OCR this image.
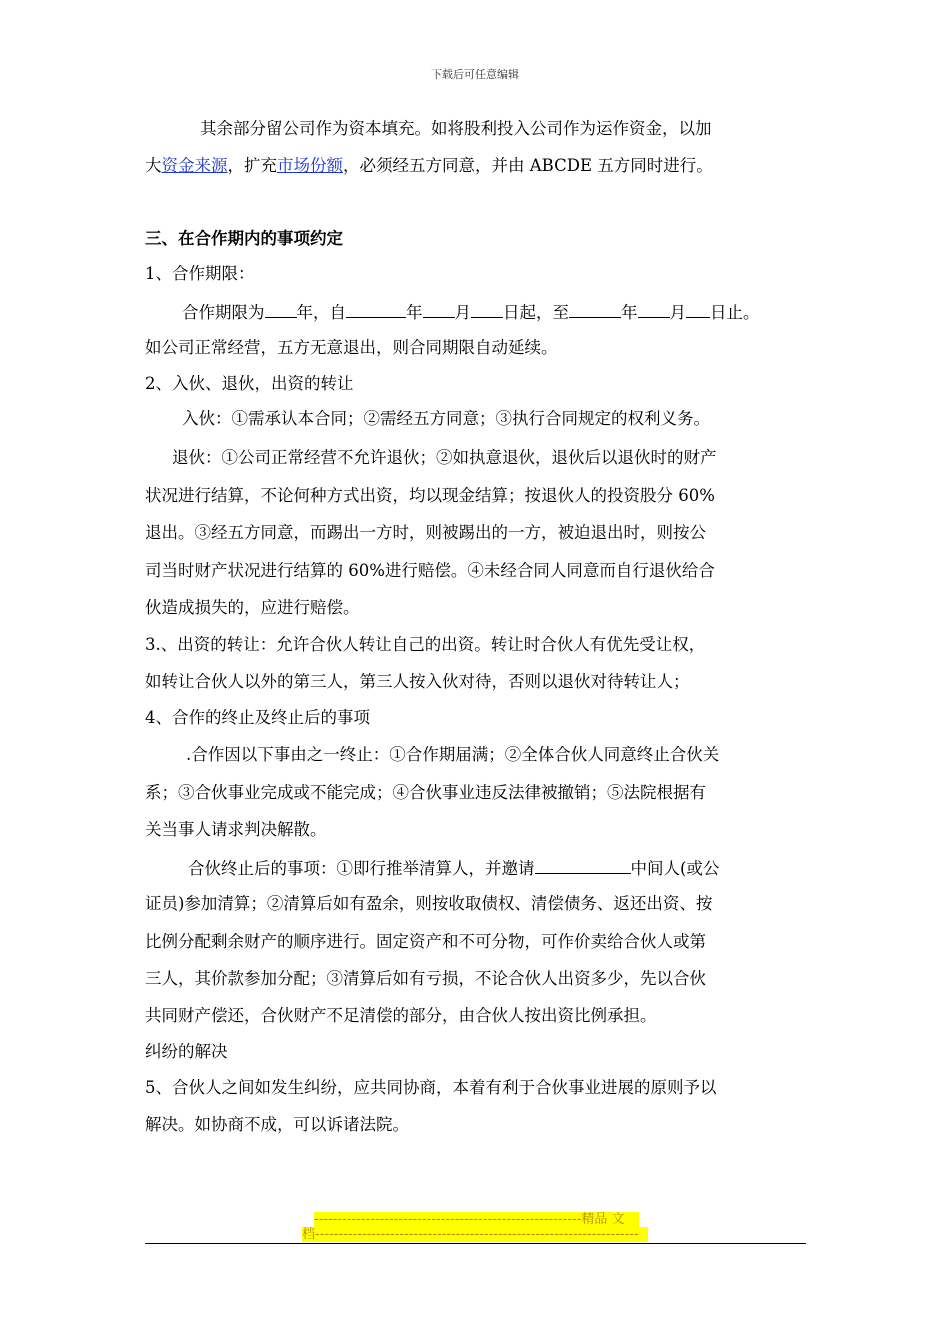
下载后可任意编辑
其余部分留公司作为资本填充。如将股利投入公司作为运作资金，以加
大资金来源，扩充市场份额，必须经五方同意，并由 ABCDE 五方同时进行。
三、在合作期内的事项约定
1、合作期限：
合作期限为 年，自	年 月 日起，至	年 月 日止。
如公司正常经营，五方无意退出，则合同期限自动延续。
2、入伙、退伙，出资的转让
入伙：①需承认本合同；②需经五方同意；③执行合同规定的权利义务。
退伙：①公司正常经营不允许退伙；②如执意退伙，退伙后以退伙时的财产
状况进行结算，不论何种方式出资，均以现金结算；按退伙人的投资股分 60%
退出。③经五方同意，而踢出一方时，则被踢出的一方，被迫退出时，则按公
司当时财产状况进行结算的 60%进行赔偿。④未经合同人同意而自行退伙给合
伙造成损失的，应进行赔偿。
3.、出资的转让：允许合伙人转让自己的出资。转让时合伙人有优先受让权，
如转让合伙人以外的第三人，第三人按入伙对待，否则以退伙对待转让人；
4、合作的终止及终止后的事项
.合作因以下事由之一终止：①合作期届满；②全体合伙人同意终止合伙关
系；③合伙事业完成或不能完成；④合伙事业违反法律被撤销；⑤法院根据有
关当事人请求判决解散。
合伙终止后的事项：①即行推举清算人，并邀请	中间人(或公
证员)参加清算；②清算后如有盈余，则按收取债权、清偿债务、返还出资、按
比例分配剩余财产的顺序进行。固定资产和不可分物，可作价卖给合伙人或第
三人，其价款参加分配；③清算后如有亏损，不论合伙人出资多少，先以合伙
共同财产偿还，合伙财产不足清偿的部分，由合伙人按出资比例承担。
纠纷的解决
5、合伙人之间如发生纠纷，应共同协商，本着有利于合伙事业进展的原则予以
解决。如协商不成，可以诉诸法院。
---------------------------------------------------------精品 文
档---------------------------------------------------------------------
